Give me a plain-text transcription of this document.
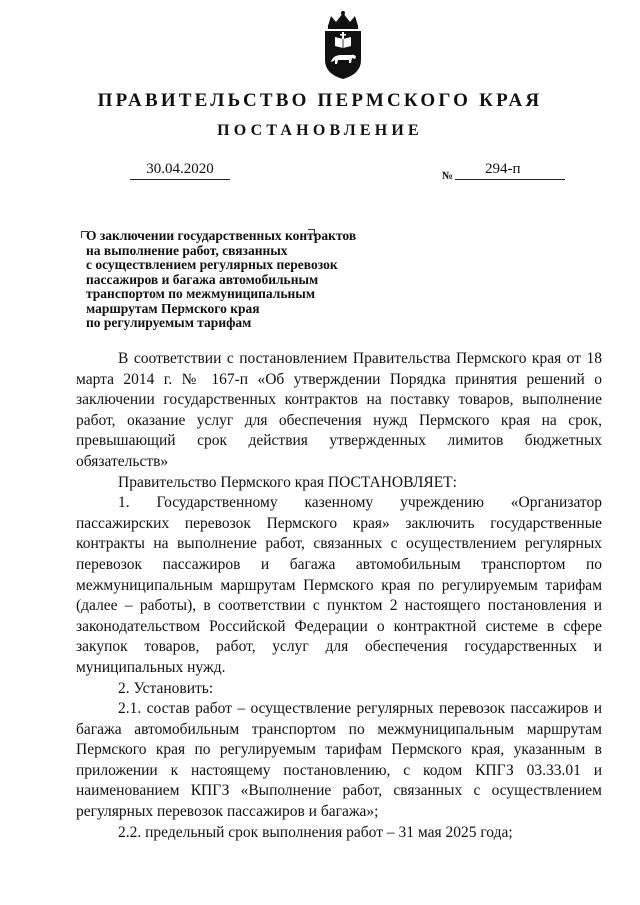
ПРАВИТЕЛЬСТВО ПЕРМСКОГО КРАЯ
ПОСТАНОВЛЕНИЕ
30.04.2020	№	294-п
О заключении государственных контрактов
на выполнение работ, связанных
с осуществлением регулярных перевозок
пассажиров и багажа автомобильным
транспортом по межмуниципальным
маршрутам Пермского края
по регулируемым тарифам

В соответствии с постановлением Правительства Пермского края от 18 марта 2014 г. № 167-п «Об утверждении Порядка принятия решений о заключении государственных контрактов на поставку товаров, выполнение работ, оказание услуг для обеспечения нужд Пермского края на срок, превышающий срок действия утвержденных лимитов бюджетных обязательств»

Правительство Пермского края ПОСТАНОВЛЯЕТ:

1. Государственному казенному учреждению «Организатор пассажирских перевозок Пермского края» заключить государственные контракты на выполнение работ, связанных с осуществлением регулярных перевозок пассажиров и багажа автомобильным транспортом по межмуниципальным маршрутам Пермского края по регулируемым тарифам (далее – работы), в соответствии с пунктом 2 настоящего постановления и законодательством Российской Федерации о контрактной системе в сфере закупок товаров, работ, услуг для обеспечения государственных и муниципальных нужд.

2. Установить:

2.1. состав работ – осуществление регулярных перевозок пассажиров и багажа автомобильным транспортом по межмуниципальным маршрутам Пермского края по регулируемым тарифам Пермского края, указанным в приложении к настоящему постановлению, с кодом КПГЗ 03.33.01 и наименованием КПГЗ «Выполнение работ, связанных с осуществлением регулярных перевозок пассажиров и багажа»;

2.2. предельный срок выполнения работ – 31 мая 2025 года;
